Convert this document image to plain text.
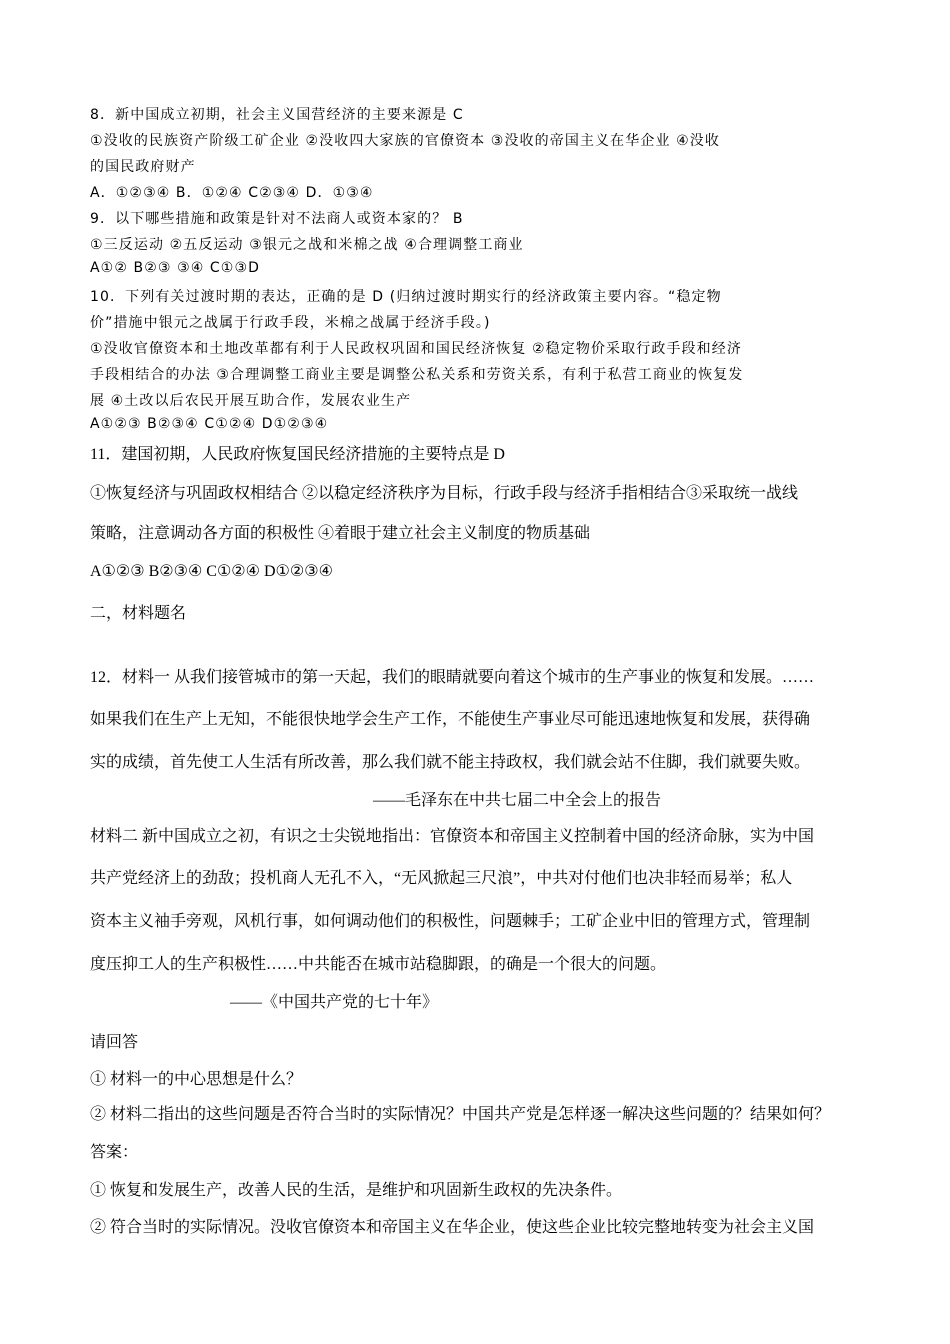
8．新中国成立初期，社会主义国营经济的主要来源是 C
①没收的民族资产阶级工矿企业 ②没收四大家族的官僚资本 ③没收的帝国主义在华企业 ④没收
的国民政府财产
A．①②③④ B．①②④ C②③④ D．①③④
9．以下哪些措施和政策是针对不法商人或资本家的？ B
①三反运动 ②五反运动 ③银元之战和米棉之战 ④合理调整工商业
A①② B②③ ③④ C①③D
10．下列有关过渡时期的表达，正确的是 D (归纳过渡时期实行的经济政策主要内容。“稳定物
价”措施中银元之战属于行政手段，米棉之战属于经济手段。)
①没收官僚资本和土地改革都有利于人民政权巩固和国民经济恢复 ②稳定物价采取行政手段和经济
手段相结合的办法 ③合理调整工商业主要是调整公私关系和劳资关系，有利于私营工商业的恢复发
展 ④土改以后农民开展互助合作，发展农业生产
A①②③ B②③④ C①②④ D①②③④
11．建国初期，人民政府恢复国民经济措施的主要特点是 D
①恢复经济与巩固政权相结合 ②以稳定经济秩序为目标，行政手段与经济手指相结合③采取统一战线
策略，注意调动各方面的积极性 ④着眼于建立社会主义制度的物质基础
A①②③ B②③④ C①②④ D①②③④
二，材料题名
12．材料一 从我们接管城市的第一天起，我们的眼睛就要向着这个城市的生产事业的恢复和发展。……
如果我们在生产上无知，不能很快地学会生产工作，不能使生产事业尽可能迅速地恢复和发展，获得确
实的成绩，首先使工人生活有所改善，那么我们就不能主持政权，我们就会站不住脚，我们就要失败。
——毛泽东在中共七届二中全会上的报告
材料二 新中国成立之初，有识之士尖锐地指出：官僚资本和帝国主义控制着中国的经济命脉，实为中国
共产党经济上的劲敌；投机商人无孔不入，“无风掀起三尺浪”，中共对付他们也决非轻而易举；私人
资本主义袖手旁观，风机行事，如何调动他们的积极性，问题棘手；工矿企业中旧的管理方式，管理制
度压抑工人的生产积极性……中共能否在城市站稳脚跟，的确是一个很大的问题。
——《中国共产党的七十年》
请回答
① 材料一的中心思想是什么？
② 材料二指出的这些问题是否符合当时的实际情况？中国共产党是怎样逐一解决这些问题的？结果如何？
答案：
① 恢复和发展生产，改善人民的生活，是维护和巩固新生政权的先决条件。
② 符合当时的实际情况。没收官僚资本和帝国主义在华企业，使这些企业比较完整地转变为社会主义国
